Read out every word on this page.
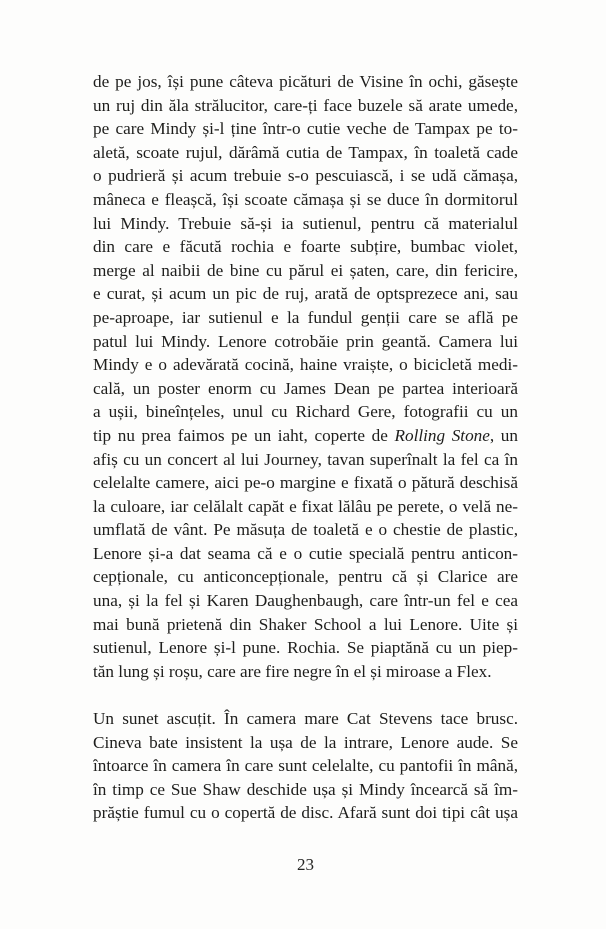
de pe jos, își pune câteva picături de Visine în ochi, găsește
un ruj din ăla strălucitor, care-ți face buzele să arate umede,
pe care Mindy și-l ține într-o cutie veche de Tampax pe to-
aletă, scoate rujul, dărâmă cutia de Tampax, în toaletă cade
o pudrieră și acum trebuie s-o pescuiască, i se udă cămașa,
mâneca e fleașcă, își scoate cămașa și se duce în dormitorul
lui Mindy. Trebuie să-și ia sutienul, pentru că materialul
din care e făcută rochia e foarte subțire, bumbac violet,
merge al naibii de bine cu părul ei șaten, care, din fericire,
e curat, și acum un pic de ruj, arată de optsprezece ani, sau
pe-aproape, iar sutienul e la fundul genții care se află pe
patul lui Mindy. Lenore cotrobăie prin geantă. Camera lui
Mindy e o adevărată cocină, haine vraiște, o bicicletă medi-
cală, un poster enorm cu James Dean pe partea interioară
a ușii, bineînțeles, unul cu Richard Gere, fotografii cu un
tip nu prea faimos pe un iaht, coperte de Rolling Stone, un
afiș cu un concert al lui Journey, tavan superînalt la fel ca în
celelalte camere, aici pe-o margine e fixată o pătură deschisă
la culoare, iar celălalt capăt e fixat lălâu pe perete, o velă ne-
umflată de vânt. Pe măsuța de toaletă e o chestie de plastic,
Lenore și-a dat seama că e o cutie specială pentru anticon-
cepționale, cu anticoncepționale, pentru că și Clarice are
una, și la fel și Karen Daughenbaugh, care într-un fel e cea
mai bună prietenă din Shaker School a lui Lenore. Uite și
sutienul, Lenore și-l pune. Rochia. Se piaptănă cu un piep-
tăn lung și roșu, care are fire negre în el și miroase a Flex.
Un sunet ascuțit. În camera mare Cat Stevens tace brusc.
Cineva bate insistent la ușa de la intrare, Lenore aude. Se
întoarce în camera în care sunt celelalte, cu pantofii în mână,
în timp ce Sue Shaw deschide ușa și Mindy încearcă să îm-
prăștie fumul cu o copertă de disc. Afară sunt doi tipi cât ușa
23
